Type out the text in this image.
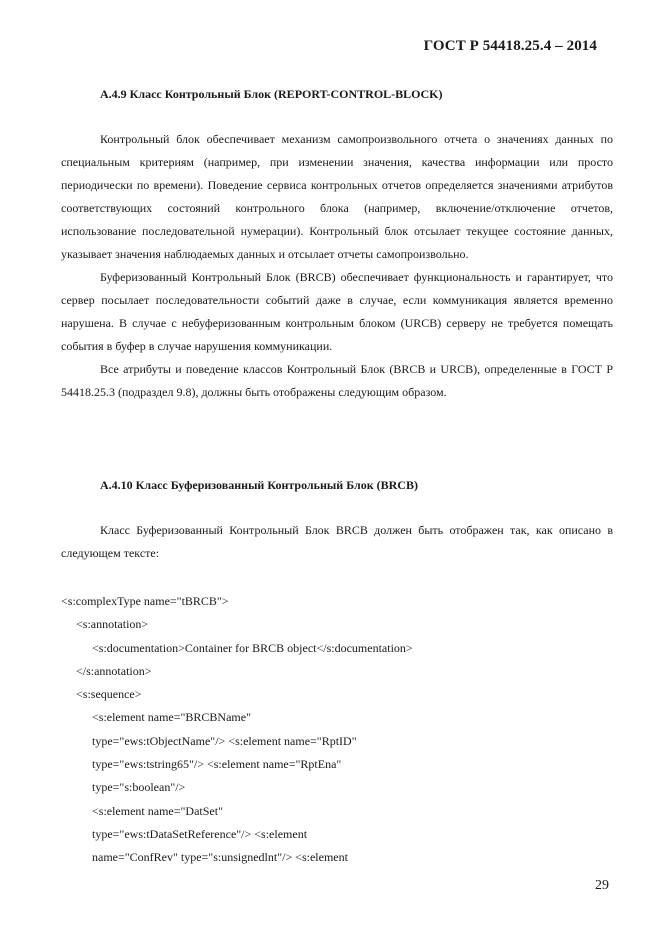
ГОСТ Р 54418.25.4 – 2014
А.4.9 Класс Контрольный Блок (REPORT-CONTROL-BLOCK)

Контрольный блок обеспечивает механизм самопроизвольного отчета о значениях данных по специальным критериям (например, при изменении значения, качества информации или просто периодически по времени). Поведение сервиса контрольных отчетов определяется значениями атрибутов соответствующих состояний контрольного блока (например, включение/отключение отчетов, использование последовательной нумерации). Контрольный блок отсылает текущее состояние данных, указывает значения наблюдаемых данных и отсылает отчеты самопроизвольно.

Буферизованный Контрольный Блок (BRCB) обеспечивает функциональность и гарантирует, что сервер посылает последовательности событий даже в случае, если коммуникация является временно нарушена. В случае с небуферизованным контрольным блоком (URCB) серверу не требуется помещать события в буфер в случае нарушения коммуникации.

Все атрибуты и поведение классов Контрольный Блок (BRCB и URCB), определенные в ГОСТ Р 54418.25.3 (подраздел 9.8), должны быть отображены следующим образом.

А.4.10 Класс Буферизованный Контрольный Блок (BRCB)

Класс Буферизованный Контрольный Блок BRCB должен быть отображен так, как описано в следующем тексте:

<s:complexType name="tBRCB">
<s:annotation>
<s:documentation>Container for BRCB object</s:documentation>
</s:annotation>
<s:sequence>
<s:element name="BRCBName"
type="ews:tObjectName"/> <s:element name="RptID"
type="ews:tstring65"/> <s:element name="RptEna"
type="s:boolean"/>
<s:element name="DatSet"
type="ews:tDataSetReference"/> <s:element
name="ConfRev" type="s:unsignedlnt"/> <s:element
29
